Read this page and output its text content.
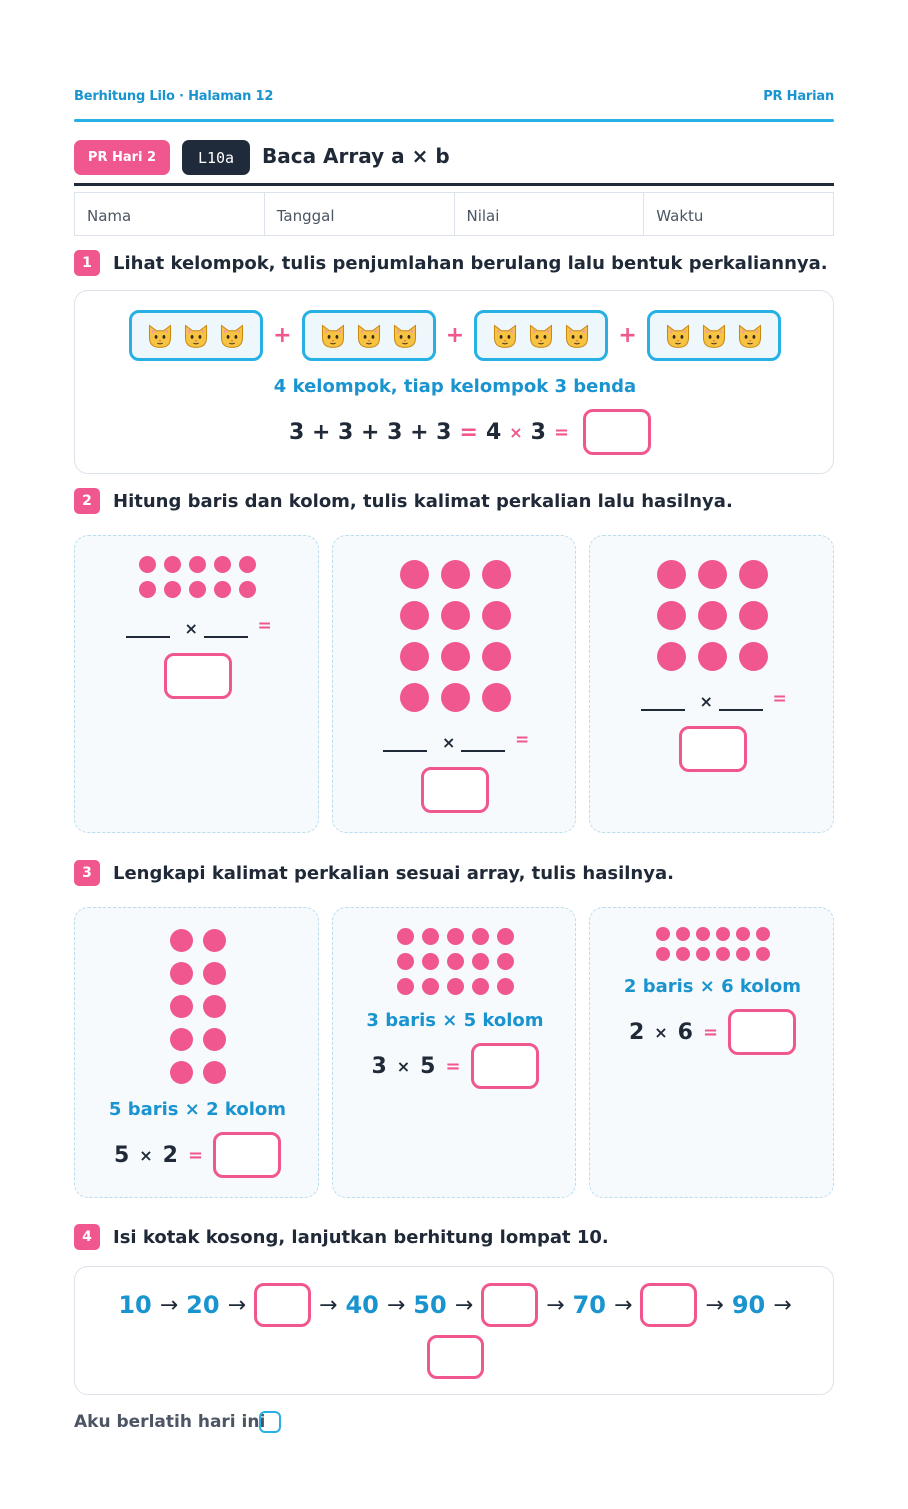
Berhitung Lilo · Halaman 12	PR Harian
PR Hari 2	L10a	Baca Array a × b
Nama	Tanggal	Nilai	Waktu
1	Lihat kelompok, tulis penjumlahan berulang lalu bentuk perkaliannya.
+	+	+
4 kelompok, tiap kelompok 3 benda
3 + 3 + 3 + 3 = 4 × 3 =
2	Hitung baris dan kolom, tulis kalimat perkalian lalu hasilnya.
×	=
×	=
×	=
3	Lengkapi kalimat perkalian sesuai array, tulis hasilnya.
5 baris × 2 kolom
5 × 2 =
3 baris × 5 kolom
3 × 5 =
2 baris × 6 kolom
2 × 6 =
4	Isi kotak kosong, lanjutkan berhitung lompat 10.
10 → 20 →	→ 40 → 50 →	→ 70 →	→ 90 →
Aku berlatih hari ini
